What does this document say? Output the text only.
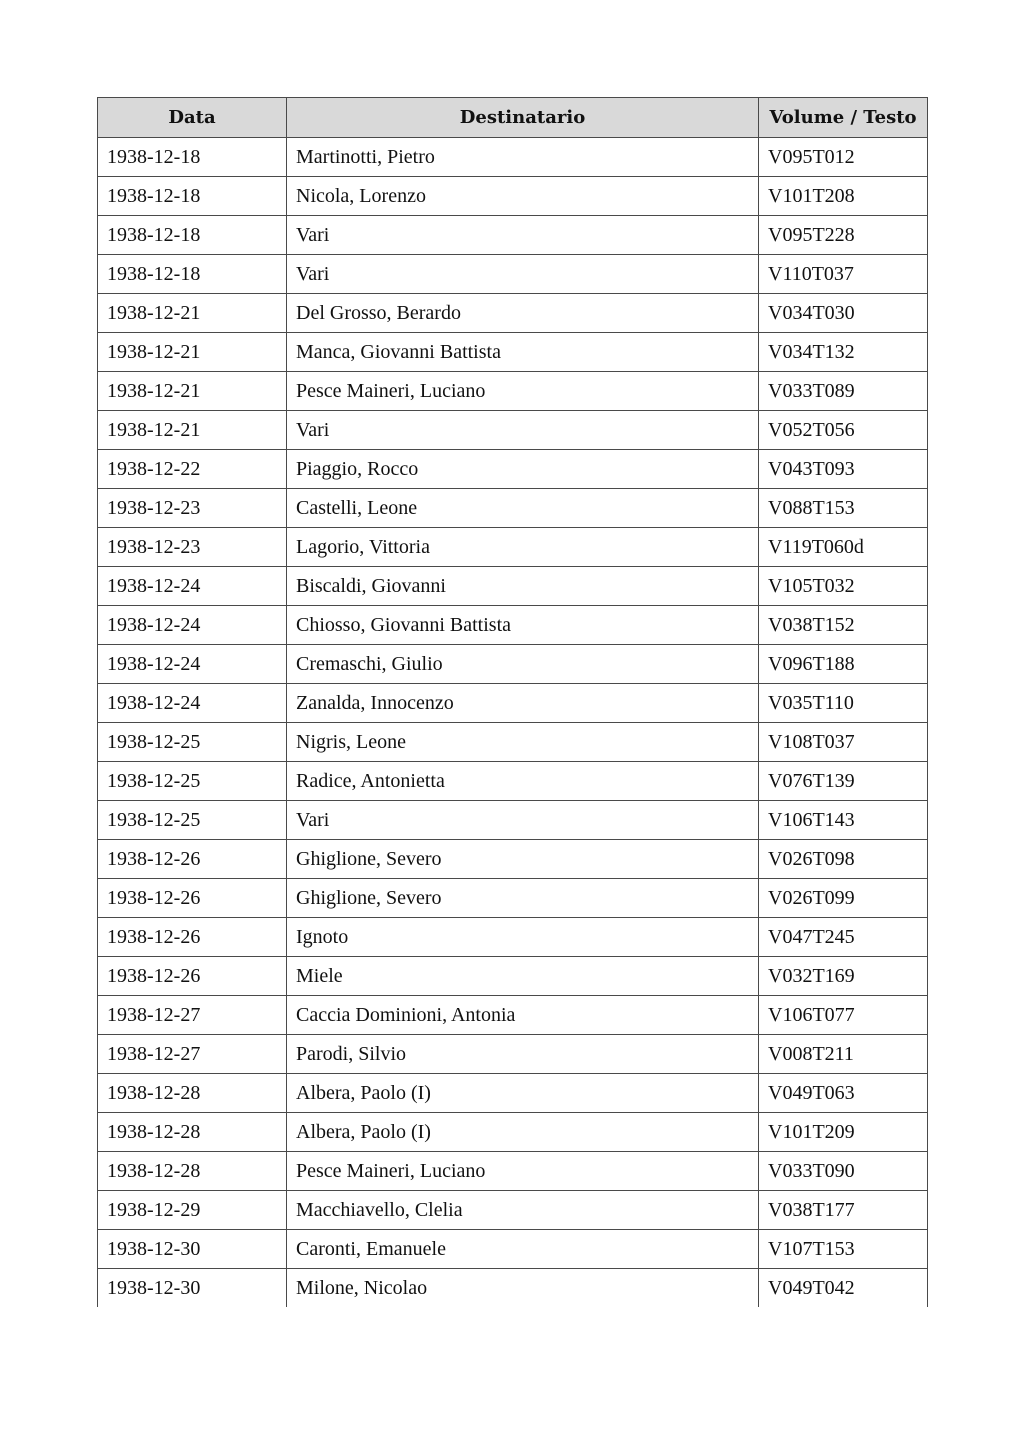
Data	Destinatario	Volume / Testo
1938-12-18	Martinotti, Pietro	V095T012
1938-12-18	Nicola, Lorenzo	V101T208
1938-12-18	Vari	V095T228
1938-12-18	Vari	V110T037
1938-12-21	Del Grosso, Berardo	V034T030
1938-12-21	Manca, Giovanni Battista	V034T132
1938-12-21	Pesce Maineri, Luciano	V033T089
1938-12-21	Vari	V052T056
1938-12-22	Piaggio, Rocco	V043T093
1938-12-23	Castelli, Leone	V088T153
1938-12-23	Lagorio, Vittoria	V119T060d
1938-12-24	Biscaldi, Giovanni	V105T032
1938-12-24	Chiosso, Giovanni Battista	V038T152
1938-12-24	Cremaschi, Giulio	V096T188
1938-12-24	Zanalda, Innocenzo	V035T110
1938-12-25	Nigris, Leone	V108T037
1938-12-25	Radice, Antonietta	V076T139
1938-12-25	Vari	V106T143
1938-12-26	Ghiglione, Severo	V026T098
1938-12-26	Ghiglione, Severo	V026T099
1938-12-26	Ignoto	V047T245
1938-12-26	Miele	V032T169
1938-12-27	Caccia Dominioni, Antonia	V106T077
1938-12-27	Parodi, Silvio	V008T211
1938-12-28	Albera, Paolo (I)	V049T063
1938-12-28	Albera, Paolo (I)	V101T209
1938-12-28	Pesce Maineri, Luciano	V033T090
1938-12-29	Macchiavello, Clelia	V038T177
1938-12-30	Caronti, Emanuele	V107T153
1938-12-30	Milone, Nicolao	V049T042
